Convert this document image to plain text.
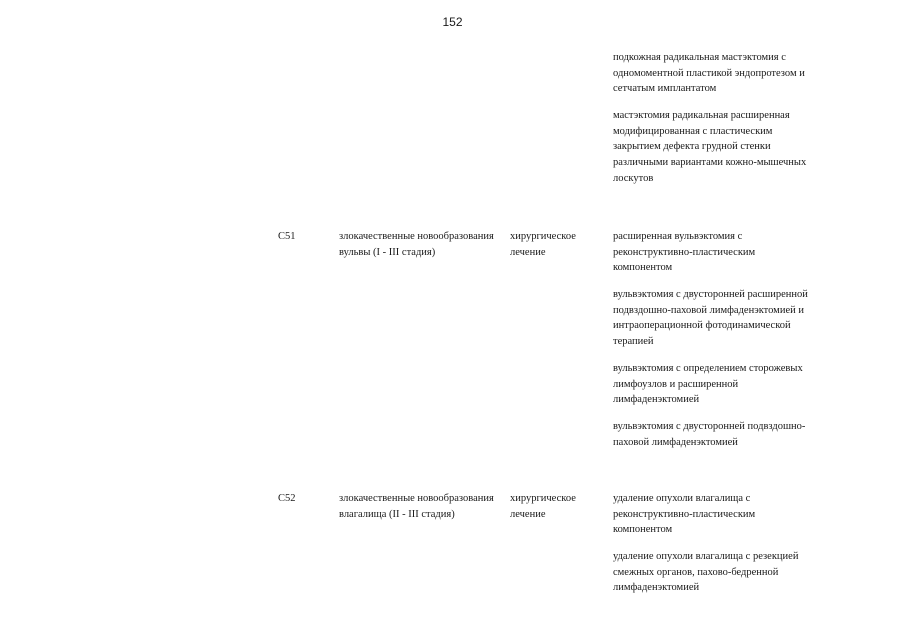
152
подкожная радикальная мастэктомия с одномоментной пластикой эндопротезом и сетчатым имплантатом
мастэктомия радикальная расширенная модифицированная с пластическим закрытием дефекта грудной стенки различными вариантами кожно-мышечных лоскутов
C51	злокачественные новообразования вульвы (I - III стадия)
хирургическое лечение
расширенная вульвэктомия с реконструктивно-пластическим компонентом
вульвэктомия с двусторонней расширенной подвздошно-паховой лимфаденэктомией и интраоперационной фотодинамической терапией
вульвэктомия с определением сторожевых лимфоузлов и расширенной лимфаденэктомией
вульвэктомия с двусторонней подвздошно-паховой лимфаденэктомией
C52	злокачественные новообразования влагалища (II - III стадия)
хирургическое лечение
удаление опухоли влагалища с реконструктивно-пластическим компонентом
удаление опухоли влагалища с резекцией смежных органов, пахово-бедренной лимфаденэктомией
